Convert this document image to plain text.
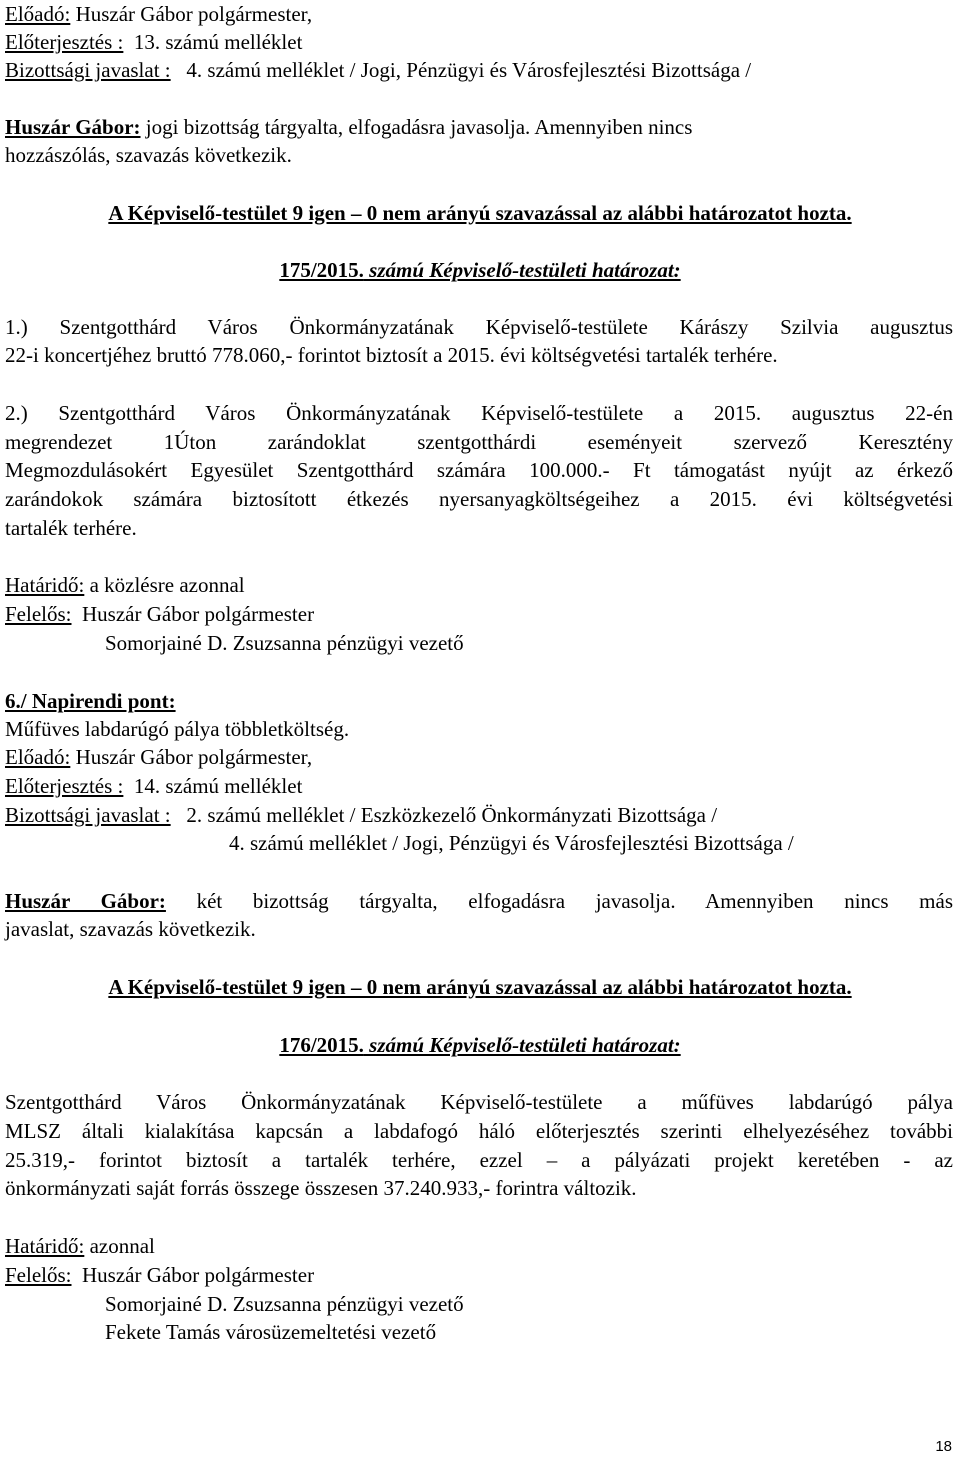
Előadó: Huszár Gábor polgármester,
Előterjesztés :  13. számú melléklet
Bizottsági javaslat :   4. számú melléklet / Jogi, Pénzügyi és Városfejlesztési Bizottsága /
Huszár Gábor: jogi bizottság tárgyalta, elfogadásra javasolja. Amennyiben nincs
hozzászólás, szavazás következik.
A Képviselő-testület 9 igen – 0 nem arányú szavazással az alábbi határozatot hozta.
175/2015. számú Képviselő-testületi határozat:
1.) Szentgotthárd Város Önkormányzatának Képviselő-testülete Kárászy Szilvia augusztus
22-i koncertjéhez bruttó 778.060,- forintot biztosít a 2015. évi költségvetési tartalék terhére.
2.) Szentgotthárd Város Önkormányzatának Képviselő-testülete a 2015. augusztus 22-én
megrendezet 1Úton zarándoklat szentgotthárdi eseményeit szervező Keresztény
Megmozdulásokért Egyesület Szentgotthárd számára 100.000.- Ft támogatást nyújt az érkező
zarándokok számára biztosított étkezés nyersanyagköltségeihez a 2015. évi költségvetési
tartalék terhére.
Határidő: a közlésre azonnal
Felelős:  Huszár Gábor polgármester
Somorjainé D. Zsuzsanna pénzügyi vezető
6./ Napirendi pont:
Műfüves labdarúgó pálya többletköltség.
Előadó: Huszár Gábor polgármester,
Előterjesztés :  14. számú melléklet
Bizottsági javaslat :   2. számú melléklet / Eszközkezelő Önkormányzati Bizottsága /
4. számú melléklet / Jogi, Pénzügyi és Városfejlesztési Bizottsága /
Huszár Gábor: két bizottság tárgyalta, elfogadásra javasolja. Amennyiben nincs más
javaslat, szavazás következik.
A Képviselő-testület 9 igen – 0 nem arányú szavazással az alábbi határozatot hozta.
176/2015. számú Képviselő-testületi határozat:
Szentgotthárd Város Önkormányzatának Képviselő-testülete a műfüves labdarúgó pálya
MLSZ általi kialakítása kapcsán a labdafogó háló előterjesztés szerinti elhelyezéséhez további
25.319,- forintot biztosít a tartalék terhére, ezzel – a pályázati projekt keretében - az
önkormányzati saját forrás összege összesen 37.240.933,- forintra változik.
Határidő: azonnal
Felelős:  Huszár Gábor polgármester
Somorjainé D. Zsuzsanna pénzügyi vezető
Fekete Tamás városüzemeltetési vezető
18
